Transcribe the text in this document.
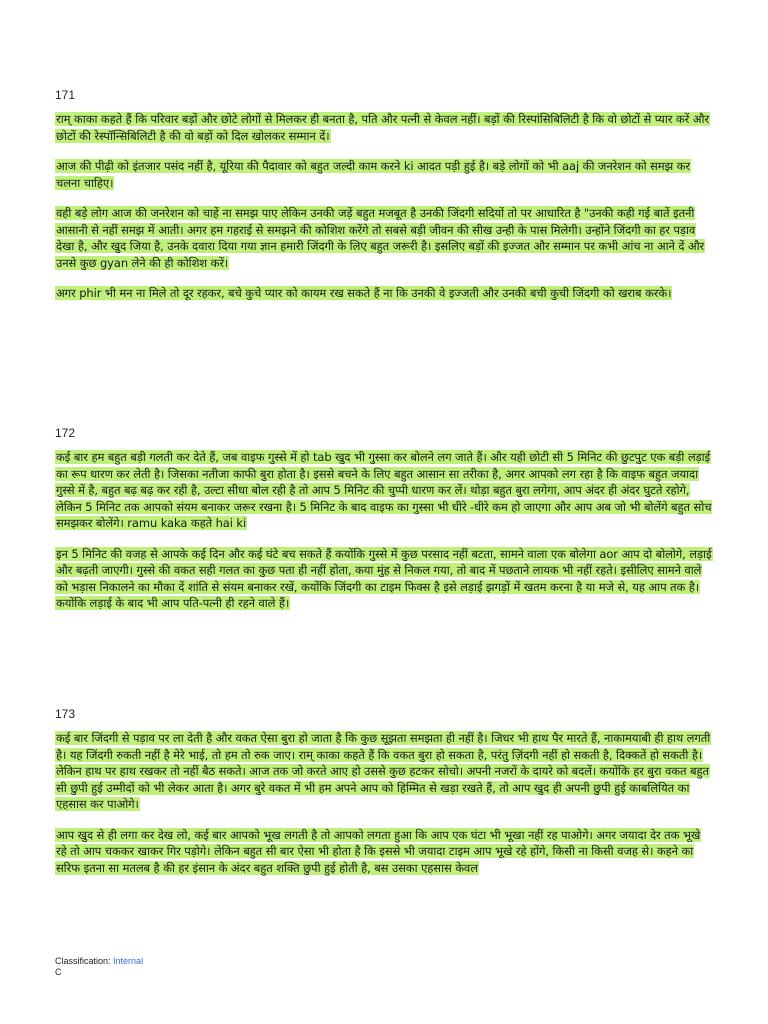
171

राम् काका कहते हैं कि परिवार बड़ों और छोटे लोगों से मिलकर ही बनता है, पति और पत्नी से केवल नहीं। बड़ों की रिस्पांसिबिलिटी है कि वो छोटों से प्यार करें और छोटों की रेस्पॉन्सिबिलिटी है की वो बड़ों को दिल खोलकर सम्मान दें।

आज की पीढ़ी को इंतजार पसंद नहीं है, यूरिया की पैदावार को बहुत जल्दी काम करने ki आदत पड़ी हुई है। बड़े लोगों को भी aaj की जनरेशन को समझ कर चलना चाहिए।

वही बड़े लोग आज की जनरेशन को चाहें ना समझ पाए लेकिन उनकी जड़ें बहुत मजबूत है उनकी जिंदगी सदियों तो पर आधारित है "उनकी कही गई बातें इतनी आसानी से नहीं समझ में आती। अगर हम गहराई से समझने की कोशिश करेंगे तो सबसे बड़ी जीवन की सीख उन्ही के पास मिलेगी। उन्होंने जिंदगी का हर पड़ाव देखा है, और खुद जिया है, उनके दवारा दिया गया ज्ञान हमारी जिंदगी के लिए बहुत जरूरी है। इसलिए बड़ों की इज्जत और सम्मान पर कभी आंच ना आने दें और उनसे कुछ gyan लेने की ही कोशिश करें।

अगर phir भी मन ना मिले तो दूर रहकर, बचे कुचे प्यार को कायम रख सकते हैं ना कि उनकी वे इज्जती और उनकी बची कुची जिंदगी को खराब करके।

172

कई बार हम बहुत बड़ी गलती कर देते हैं, जब वाइफ गुस्से में हो tab खुद भी गुस्सा कर बोलने लग जाते हैं। और यही छोटी सी 5 मिनिट की छुटपुट एक बड़ी लड़ाई का रूप धारण कर लेती है। जिसका नतीजा काफी बुरा होता है। इससे बचने के लिए बहुत आसान सा तरीका है, अगर आपको लग रहा है कि वाइफ बहुत जयादा गुस्से में है, बहुत बढ़ बढ़ कर रही है, उल्टा सीधा बोल रही है तो आप 5 मिनिट की चुप्पी धारण कर लें। थोड़ा बहुत बुरा लगेगा, आप अंदर ही अंदर घुटते रहोगे, लेकिन 5 मिनिट तक आपको संयम बनाकर जरूर रखना है। 5 मिनिट के बाद वाइफ का गुस्सा भी धीरे -धीरे कम हो जाएगा और आप अब जो भी बोलेंगे बहुत सोच समझकर बोलेंगे। ramu kaka कहते hai ki

इन 5 मिनिट की वजह से आपके कई दिन और कई घंटे बच सकते हैं कयोंकि गुस्से में कुछ परसाद नहीं बटता, सामने वाला एक बोलेगा aor आप दो बोलोगे, लड़ाई और बढ़ती जाएगी। गुस्से की वकत सही गलत का कुछ पता ही नहीं होता, कया मुंह से निकल गया, तो बाद में पछताने लायक भी नहीं रहते। इसीलिए सामने वाले को भड़ास निकालने का मौका दें शांति से संयम बनाकर रखें, कयोंकि जिंदगी का टाइम फिक्स है इसे लड़ाई झगड़ों में खतम करना है या मजे से, यह आप तक है। कयोंकि लड़ाई के बाद भी आप पति-पत्नी ही रहने वाले हैं।

173

कई बार जिंदगी से पड़ाव पर ला देती है और वकत ऐसा बुरा हो जाता है कि कुछ सूझता समझता ही नहीं है। जिधर भी हाथ पैर मारते हैं, नाकामयाबी ही हाथ लगती है। यह जिंदगी रुकती नहीं है मेरे भाई, तो हम तो रुक जाए। राम् काका कहते हैं कि वकत बुरा हो सकता है, परंतु ज़िंदगी नहीं हो सकती है, दिक्कतें हो सकती है। लेकिन हाथ पर हाथ रखकर तो नहीं बैठ सकते। आज तक जो करते आए हो उससे कुछ हटकर सोचो। अपनी नजरों के दायरे को बदलें। कयोंकि हर बुरा वकत बहुत सी छुपी हुई उम्मीदों को भी लेकर आता है। अगर बुरे वकत में भी हम अपने आप को हिम्मित से खड़ा रखते हैं, तो आप खुद ही अपनी छुपी हुई काबलियित का एहसास कर पाओगे।

आप खुद से ही लगा कर देख लो, कई बार आपको भूख लगती है तो आपको लगता हुआ कि आप एक घंटा भी भूखा नहीं रह पाओगे। अगर जयादा देर तक भूखे रहे तो आप चककर खाकर गिर पड़ोगे। लेकिन बहुत सी बार ऐसा भी होता है कि इससे भी जयादा टाइम आप भूखे रहे होंगे, किसी ना किसी वजह से। कहने का सरिफ इतना सा मतलब है की हर इंसान के अंदर बहुत शक्ति छुपी हुई होती है, बस उसका एहसास केवल

Classification: Internal
C
